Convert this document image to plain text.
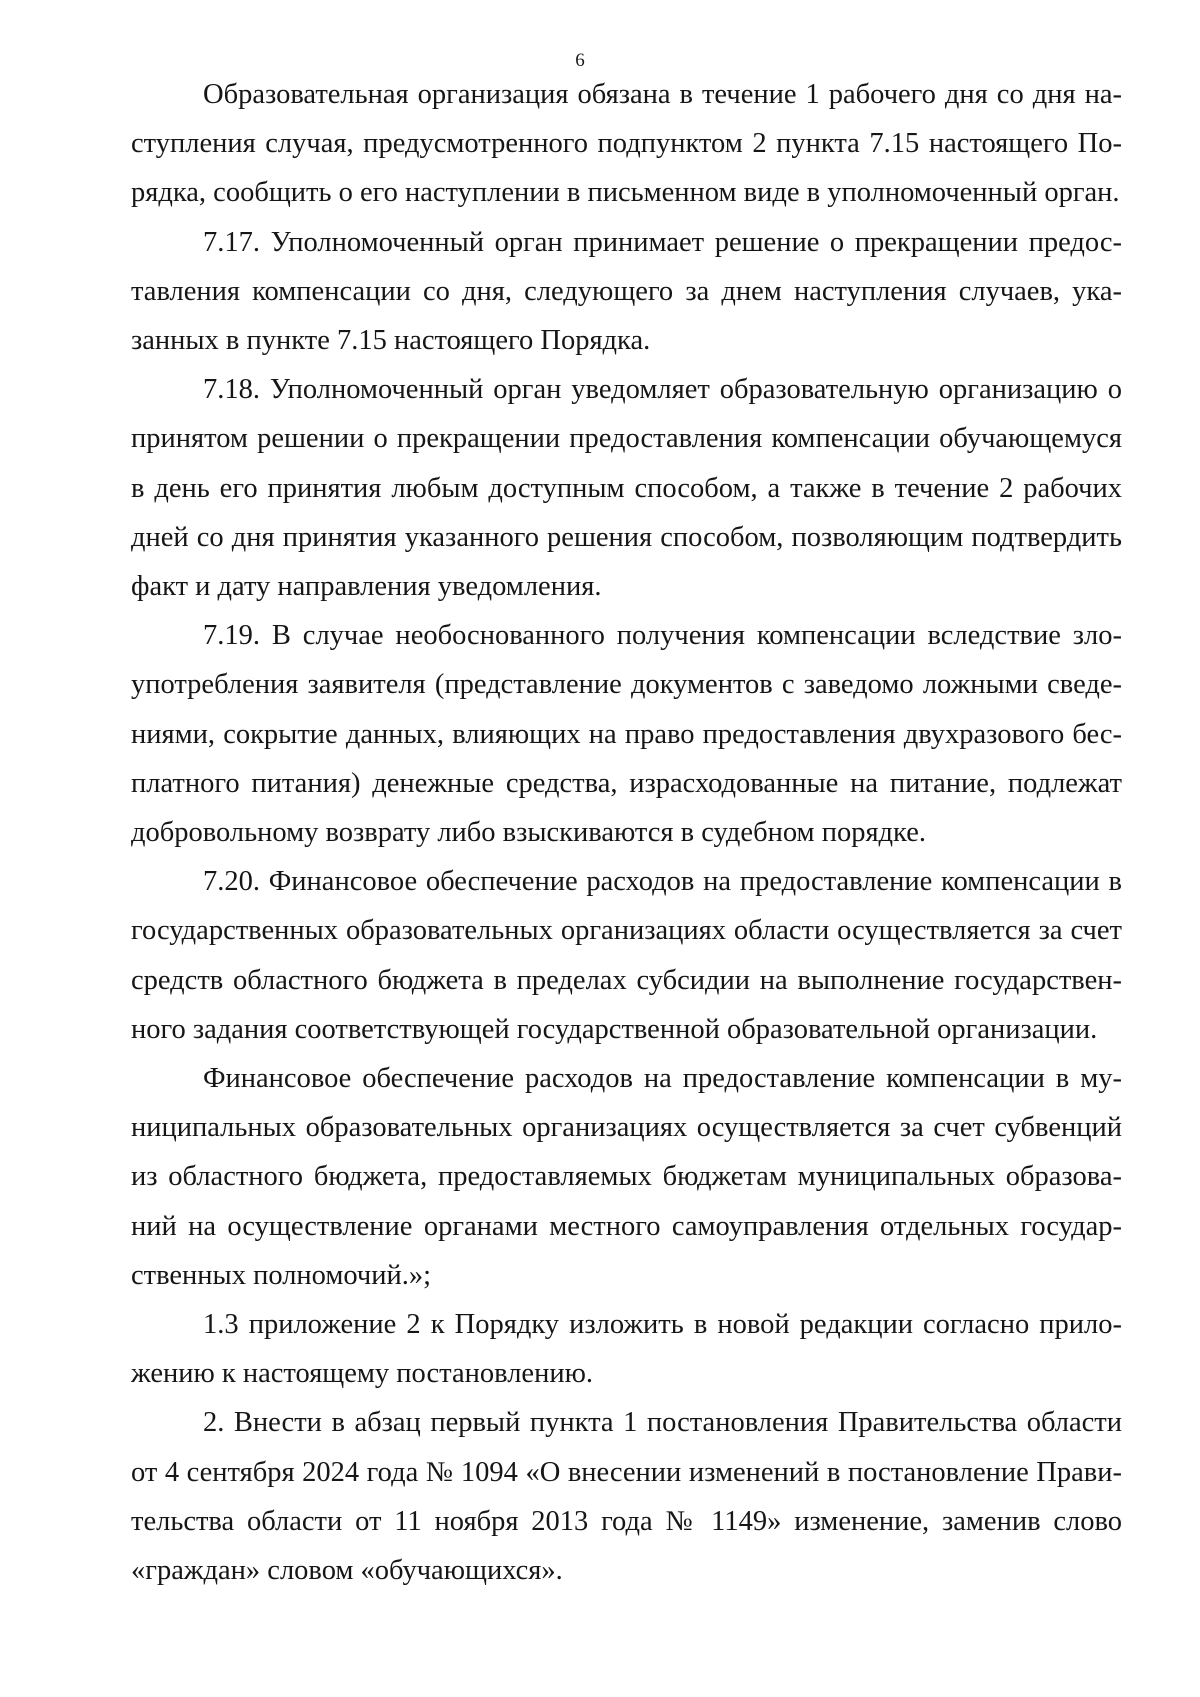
6

Образовательная организация обязана в течение 1 рабочего дня со дня наступления случая, предусмотренного подпунктом 2 пункта 7.15 настоящего Порядка, сообщить о его наступлении в письменном виде в уполномоченный орган.

7.17. Уполномоченный орган принимает решение о прекращении предоставления компенсации со дня, следующего за днем наступления случаев, указанных в пункте 7.15 настоящего Порядка.

7.18. Уполномоченный орган уведомляет образовательную организацию о принятом решении о прекращении предоставления компенсации обучающемуся в день его принятия любым доступным способом, а также в течение 2 рабочих дней со дня принятия указанного решения способом, позволяющим подтвердить факт и дату направления уведомления.

7.19. В случае необоснованного получения компенсации вследствие злоупотребления заявителя (представление документов с заведомо ложными сведениями, сокрытие данных, влияющих на право предоставления двухразового бесплатного питания) денежные средства, израсходованные на питание, подлежат добровольному возврату либо взыскиваются в судебном порядке.

7.20. Финансовое обеспечение расходов на предоставление компенсации в государственных образовательных организациях области осуществляется за счет средств областного бюджета в пределах субсидии на выполнение государственного задания соответствующей государственной образовательной организации.

Финансовое обеспечение расходов на предоставление компенсации в муниципальных образовательных организациях осуществляется за счет субвенций из областного бюджета, предоставляемых бюджетам муниципальных образований на осуществление органами местного самоуправления отдельных государственных полномочий.»;

1.3 приложение 2 к Порядку изложить в новой редакции согласно приложению к настоящему постановлению.

2. Внести в абзац первый пункта 1 постановления Правительства области от 4 сентября 2024 года № 1094 «О внесении изменений в постановление Правительства области от 11 ноября 2013 года № 1149» изменение, заменив слово «граждан» словом «обучающихся».
